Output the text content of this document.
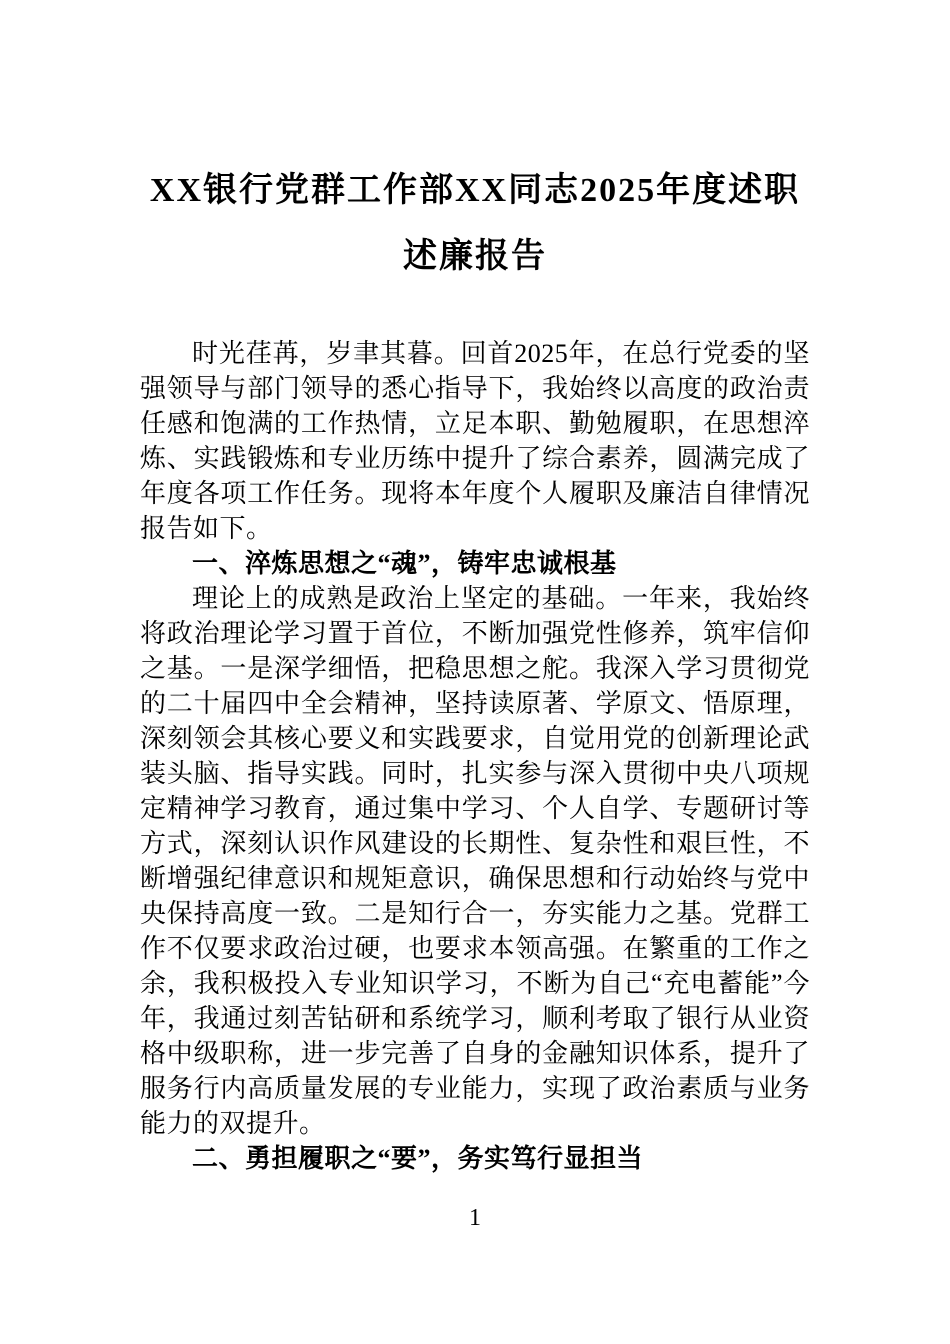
XX银行党群工作部XX同志2025年度述职述廉报告

时光荏苒，岁聿其暮。回首2025年，在总行党委的坚强领导与部门领导的悉心指导下，我始终以高度的政治责任感和饱满的工作热情，立足本职、勤勉履职，在思想淬炼、实践锻炼和专业历练中提升了综合素养，圆满完成了年度各项工作任务。现将本年度个人履职及廉洁自律情况报告如下。

一、淬炼思想之“魂”，铸牢忠诚根基

理论上的成熟是政治上坚定的基础。一年来，我始终将政治理论学习置于首位，不断加强党性修养，筑牢信仰之基。一是深学细悟，把稳思想之舵。我深入学习贯彻党的二十届四中全会精神，坚持读原著、学原文、悟原理，深刻领会其核心要义和实践要求，自觉用党的创新理论武装头脑、指导实践。同时，扎实参与深入贯彻中央八项规定精神学习教育，通过集中学习、个人自学、专题研讨等方式，深刻认识作风建设的长期性、复杂性和艰巨性，不断增强纪律意识和规矩意识，确保思想和行动始终与党中央保持高度一致。二是知行合一，夯实能力之基。党群工作不仅要求政治过硬，也要求本领高强。在繁重的工作之余，我积极投入专业知识学习，不断为自己“充电蓄能”今年，我通过刻苦钻研和系统学习，顺利考取了银行从业资格中级职称，进一步完善了自身的金融知识体系，提升了服务行内高质量发展的专业能力，实现了政治素质与业务能力的双提升。

二、勇担履职之“要”，务实笃行显担当

1
